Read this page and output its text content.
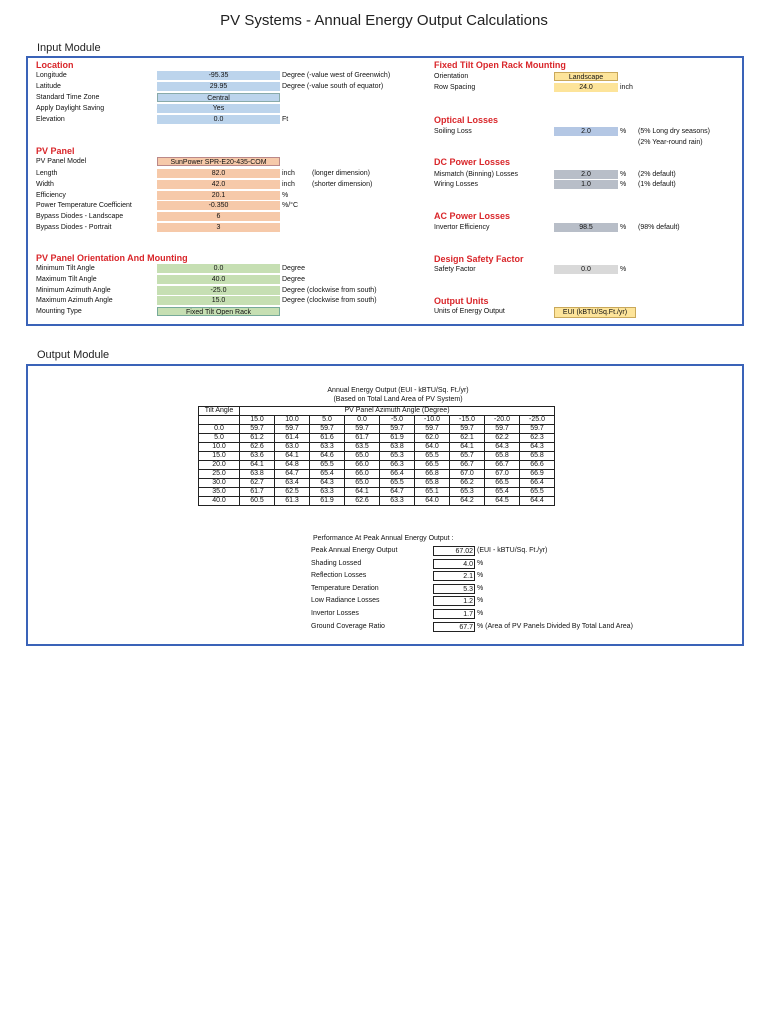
PV Systems - Annual Energy Output Calculations
Input Module
Location
Longitude	-95.35	Degree (-value west of Greenwich)
Latitude	29.95	Degree (-value south of equator)
Standard Time Zone	Central
Apply Daylight Saving	Yes
Elevation	0.0	Ft
PV Panel
PV Panel Model	SunPower SPR-E20-435-COM
Length	82.0	inch (longer dimension)
Width	42.0	inch (shorter dimension)
Efficiency	20.1	%
Power Temperature Coefficient	-0.350	%/°C
Bypass Diodes - Landscape	6
Bypass Diodes - Portrait	3
PV Panel Orientation And Mounting
Minimum Tilt Angle	0.0	Degree
Maximum Tilt Angle	40.0	Degree
Minimum Azimuth Angle	-25.0	Degree (clockwise from south)
Maximum Azimuth Angle	15.0	Degree (clockwise from south)
Mounting Type	Fixed Tilt Open Rack
Fixed Tilt Open Rack Mounting
Orientation	Landscape
Row Spacing	24.0	inch
Optical Losses
Soiling Loss	2.0	% (5% Long dry seasons)
(2% Year-round rain)
DC Power Losses
Mismatch (Binning) Losses	2.0	% (2% default)
Wiring Losses	1.0	% (1% default)
AC Power Losses
Invertor Efficiency	98.5	% (98% default)
Design Safety Factor
Safety Factor	0.0	%
Output Units
Units of Energy Output	EUI (kBTU/Sq.Ft./yr)
Output Module
Annual Energy Output (EUI - kBTU/Sq. Ft./yr)
(Based on Total Land Area of PV System)
Tilt Angle	PV Panel Azimuth Angle (Degree)								
	15.0	10.0	5.0	0.0	-5.0	-10.0	-15.0	-20.0	-25.0
0.0	59.7	59.7	59.7	59.7	59.7	59.7	59.7	59.7	59.7
5.0	61.2	61.4	61.6	61.7	61.9	62.0	62.1	62.2	62.3
10.0	62.6	63.0	63.3	63.5	63.8	64.0	64.1	64.3	64.3
15.0	63.6	64.1	64.6	65.0	65.3	65.5	65.7	65.8	65.8
20.0	64.1	64.8	65.5	66.0	66.3	66.5	66.7	66.7	66.6
25.0	63.8	64.7	65.4	66.0	66.4	66.8	67.0	67.0	66.9
30.0	62.7	63.4	64.3	65.0	65.5	65.8	66.2	66.5	66.4
35.0	61.7	62.5	63.3	64.1	64.7	65.1	65.3	65.4	65.5
40.0	60.5	61.3	61.9	62.6	63.3	64.0	64.2	64.5	64.4
Performance At Peak Annual Energy Output :
Peak Annual Energy Output	67.02 (EUI - kBTU/Sq. Ft./yr)
Shading Lossed	4.0 %
Reflection Losses	2.1 %
Temperature Deration	5.3 %
Low Radiance Losses	1.2 %
Invertor Losses	1.7 %
Ground Coverage Ratio	67.7 % (Area of PV Panels Divided By Total Land Area)
